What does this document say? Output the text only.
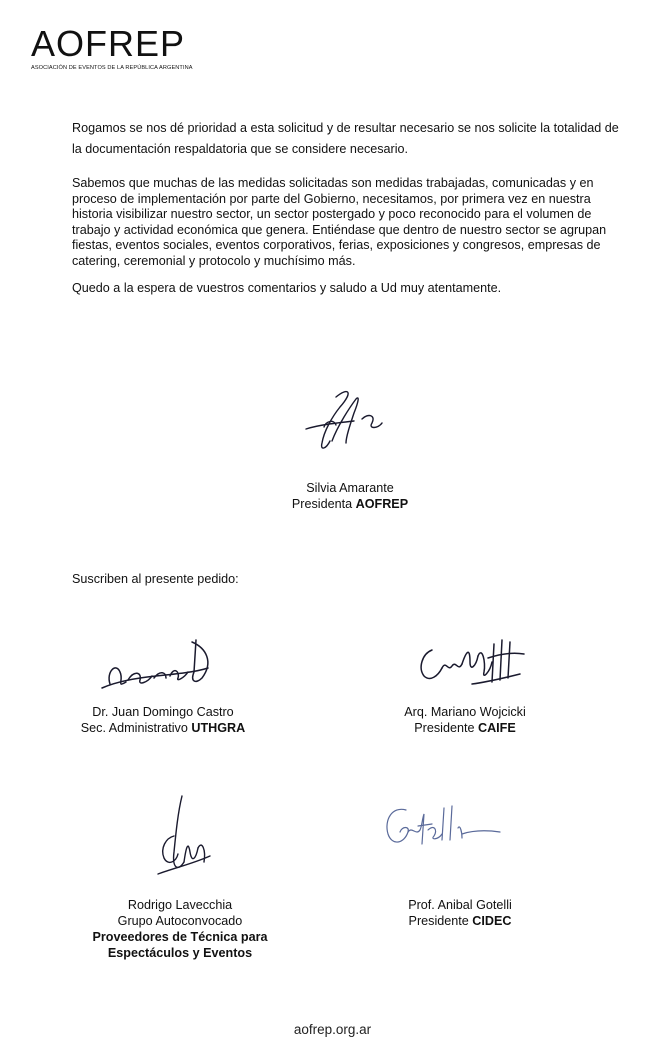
AOFREP
ASOCIACIÓN DE EVENTOS DE LA REPÚBLICA ARGENTINA

Rogamos se nos dé prioridad a esta solicitud y de resultar necesario se nos solicite la totalidad de la documentación respaldatoria que se considere necesario.

Sabemos que muchas de las medidas solicitadas son medidas trabajadas, comunicadas y en proceso de implementación por parte del Gobierno, necesitamos, por primera vez en nuestra historia visibilizar nuestro sector, un sector postergado y poco reconocido para el volumen de trabajo y actividad económica que genera. Entiéndase que dentro de nuestro sector se agrupan fiestas, eventos sociales, eventos corporativos, ferias, exposiciones y congresos, empresas de catering, ceremonial y protocolo y muchísimo más.

Quedo a la espera de vuestros comentarios y saludo a Ud muy atentamente.

Silvia Amarante
Presidenta AOFREP
Suscriben al presente pedido:
Dr. Juan Domingo Castro
Sec. Administrativo UTHGRA
Arq. Mariano Wojcicki
Presidente CAIFE
Rodrigo Lavecchia
Grupo Autoconvocado
Proveedores de Técnica para
Espectáculos y Eventos
Prof. Anibal Gotelli
Presidente CIDEC
aofrep.org.ar
